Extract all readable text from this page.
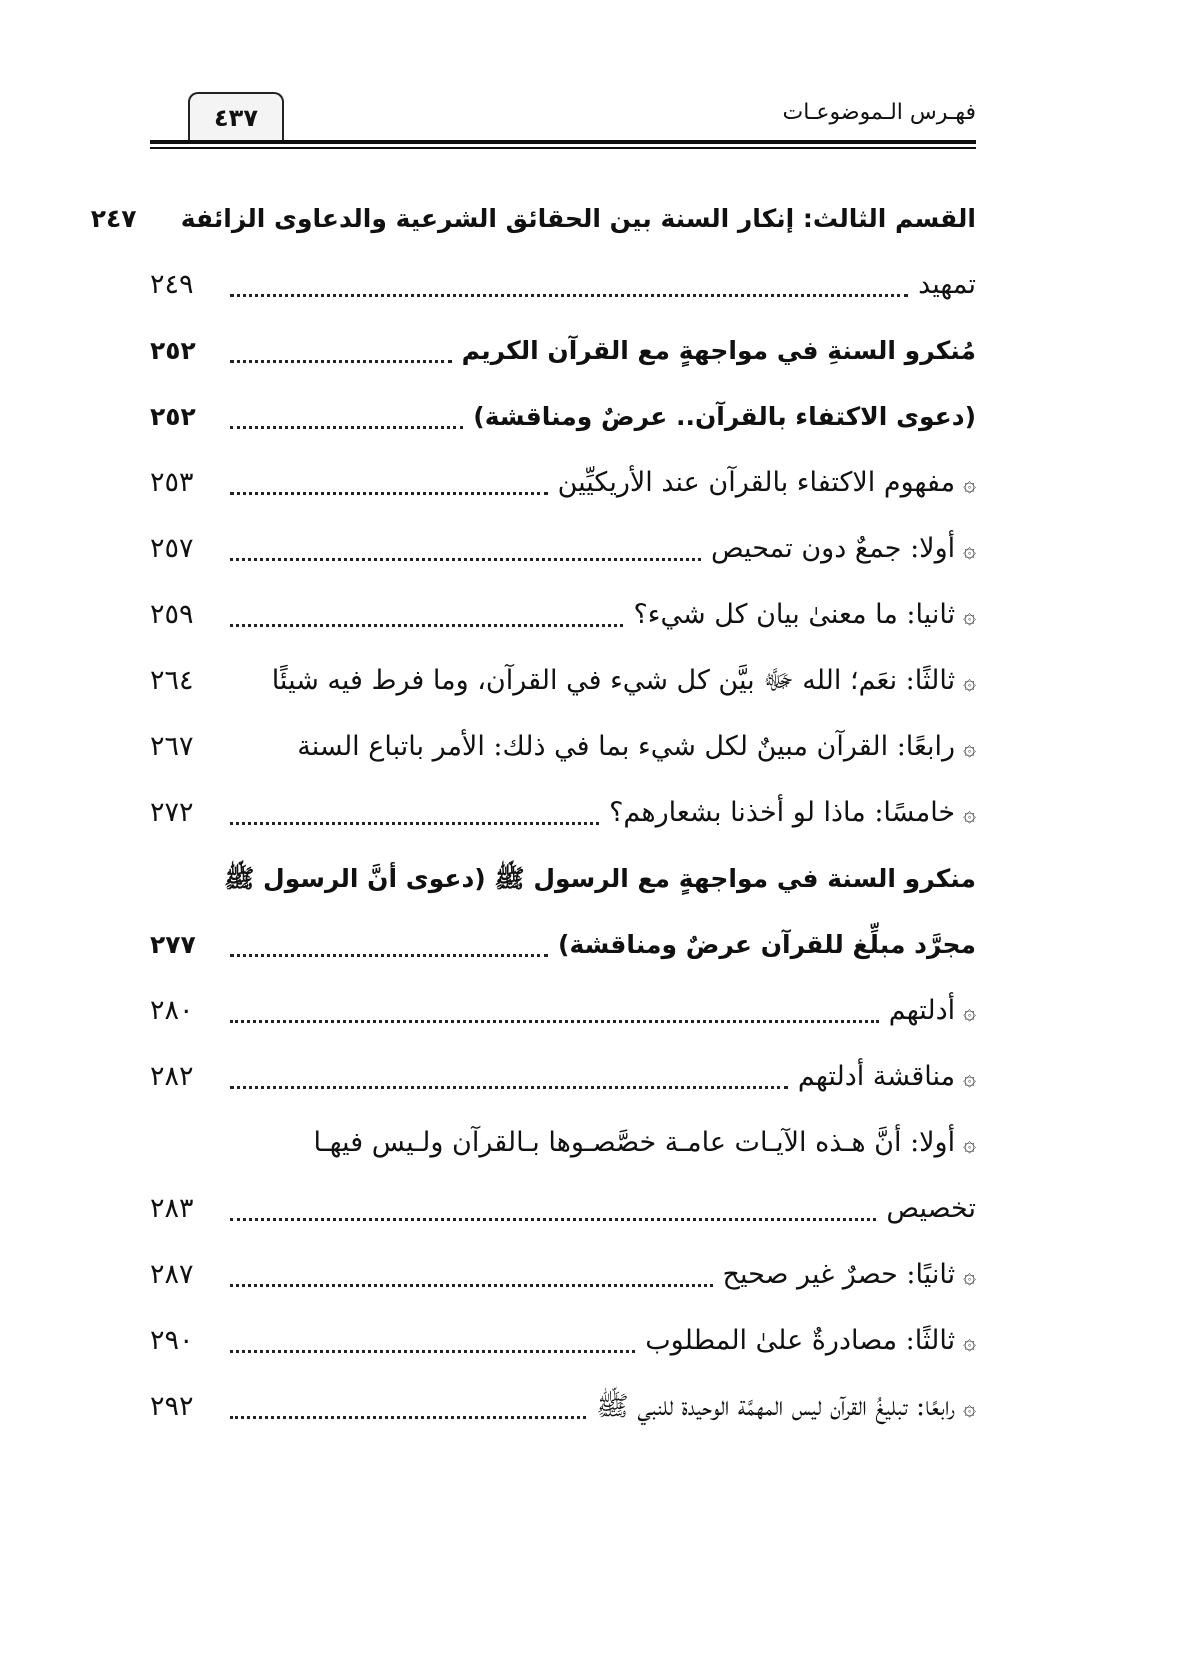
فهـرس الـموضوعـات
٤٣٧
القسم الثالث: إنكار السنة بين الحقائق الشرعية والدعاوى الزائفة
٢٤٧
تمهيد
٢٤٩
مُنكرو السنةِ في مواجهةٍ مع القرآن الكريم
٢٥٢
(دعوى الاكتفاء بالقرآن.. عرضٌ ومناقشة)
٢٥٢
۞
مفهوم الاكتفاء بالقرآن عند الأريكيِّين
٢٥٣
۞
أولا: جمعٌ دون تمحيص
٢٥٧
۞
ثانيا: ما معنىٰ بيان كل شيء؟
٢٥٩
۞
ثالثًا: نعَم؛ الله ﷻ بيَّن كل شيء في القرآن، وما فرط فيه شيئًا
٢٦٤
۞
رابعًا: القرآن مبينٌ لكل شيء بما في ذلك: الأمر باتباع السنة
٢٦٧
۞
خامسًا: ماذا لو أخذنا بشعارهم؟
٢٧٢
منكرو السنة في مواجهةٍ مع الرسول ﷺ (دعوى أنَّ الرسول ﷺ
مجرَّد مبلِّغ للقرآن عرضٌ ومناقشة)
٢٧٧
۞
أدلتهم
٢٨٠
۞
مناقشة أدلتهم
٢٨٢
۞
أولا: أنَّ هـذه الآيـات عامـة خصَّصـوها بـالقرآن ولـيس فيهـا
تخصيص
٢٨٣
۞
ثانيًا: حصرٌ غير صحيح
٢٨٧
۞
ثالثًا: مصادرةٌ علىٰ المطلوب
٢٩٠
۞
رابعًا: تبليغُ القرآن ليس المهمَّة الوحيدة للنبي ﷺ
٢٩٢
